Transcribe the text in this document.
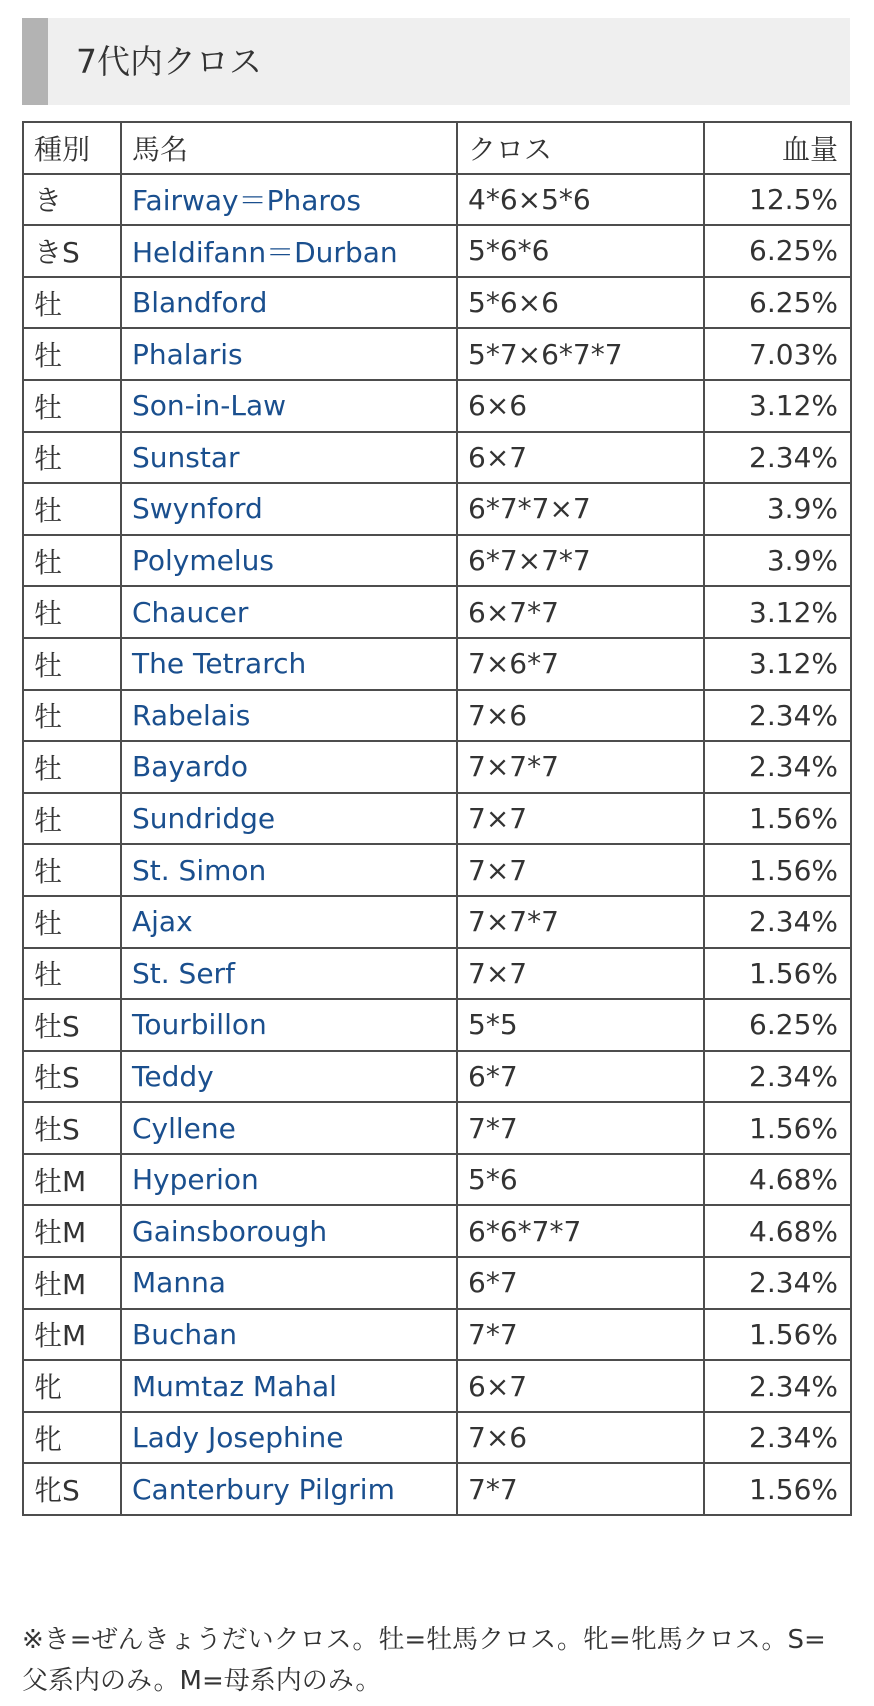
7代内クロス
種別	馬名	クロス	血量
き	Fairway＝Pharos	4*6×5*6	12.5%
きS	Heldifann＝Durban	5*6*6	6.25%
牡	Blandford	5*6×6	6.25%
牡	Phalaris	5*7×6*7*7	7.03%
牡	Son-in-Law	6×6	3.12%
牡	Sunstar	6×7	2.34%
牡	Swynford	6*7*7×7	3.9%
牡	Polymelus	6*7×7*7	3.9%
牡	Chaucer	6×7*7	3.12%
牡	The Tetrarch	7×6*7	3.12%
牡	Rabelais	7×6	2.34%
牡	Bayardo	7×7*7	2.34%
牡	Sundridge	7×7	1.56%
牡	St. Simon	7×7	1.56%
牡	Ajax	7×7*7	2.34%
牡	St. Serf	7×7	1.56%
牡S	Tourbillon	5*5	6.25%
牡S	Teddy	6*7	2.34%
牡S	Cyllene	7*7	1.56%
牡M	Hyperion	5*6	4.68%
牡M	Gainsborough	6*6*7*7	4.68%
牡M	Manna	6*7	2.34%
牡M	Buchan	7*7	1.56%
牝	Mumtaz Mahal	6×7	2.34%
牝	Lady Josephine	7×6	2.34%
牝S	Canterbury Pilgrim	7*7	1.56%
※き=ぜんきょうだいクロス。牡=牡馬クロス。牝=牝馬クロス。S=
父系内のみ。M=母系内のみ。
